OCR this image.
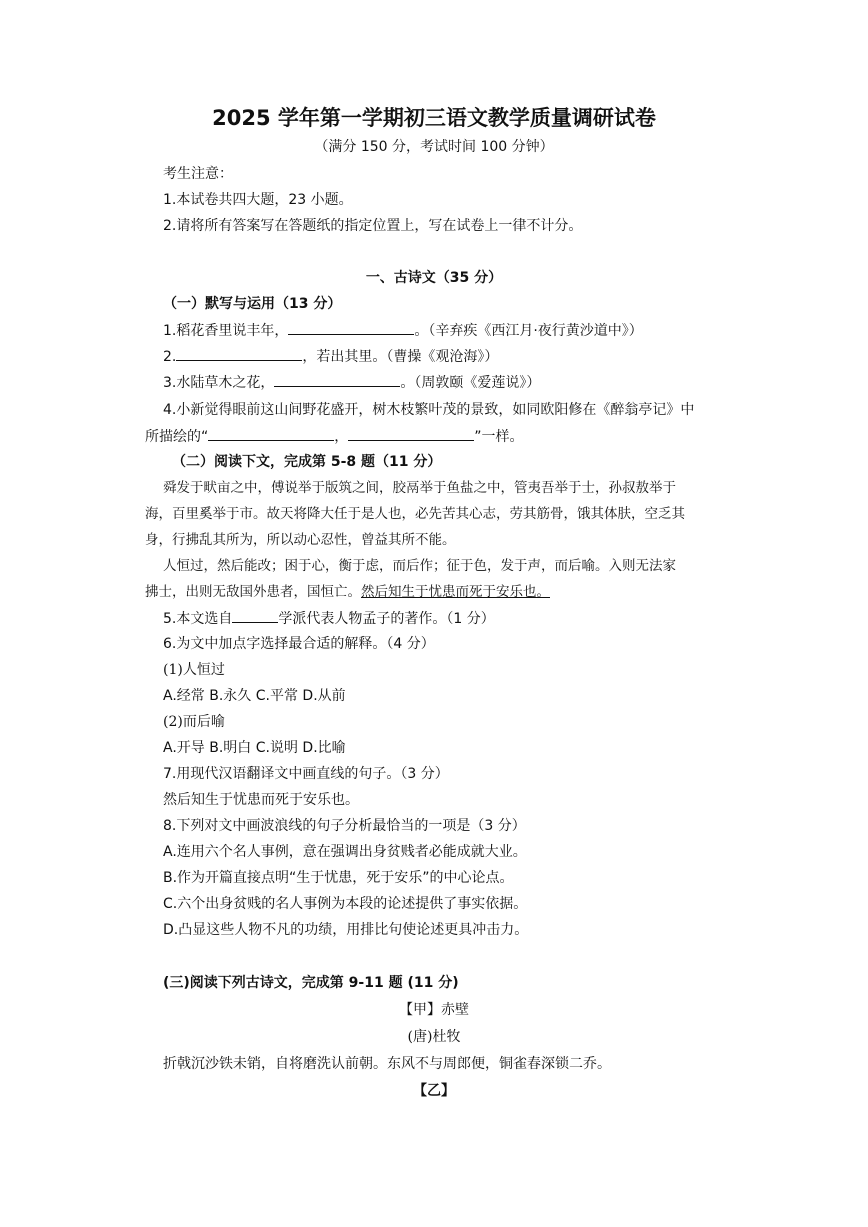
2025 学年第一学期初三语文教学质量调研试卷
（满分 150 分，考试时间 100 分钟）
考生注意：
1.本试卷共四大题，23 小题。
2.请将所有答案写在答题纸的指定位置上，写在试卷上一律不计分。
一、古诗文（35 分）
（一）默写与运用（13 分）
1.稻花香里说丰年，	。（辛弃疾《西江月·夜行黄沙道中》）
2.	，若出其里。（曹操《观沧海》）
3.水陆草木之花，	。（周敦颐《爱莲说》）
4.小新觉得眼前这山间野花盛开，树木枝繁叶茂的景致，如同欧阳修在《醉翁亭记》中
所描绘的“	，	”一样。
（二）阅读下文，完成第 5-8 题（11 分）
舜发于畎亩之中，傅说举于版筑之间，胶鬲举于鱼盐之中，管夷吾举于士，孙叔敖举于
海，百里奚举于市。故天将降大任于是人也，必先苦其心志，劳其筋骨，饿其体肤，空乏其
身，行拂乱其所为，所以动心忍性，曾益其所不能。
人恒过，然后能改；困于心，衡于虑，而后作；征于色，发于声，而后喻。入则无法家
拂士，出则无敌国外患者，国恒亡。然后知生于忧患而死于安乐也。
5.本文选自	学派代表人物孟子的著作。（1 分）
6.为文中加点字选择最合适的解释。（4 分）
(1)人恒过
A.经常 B.永久 C.平常 D.从前
(2)而后喻
A.开导 B.明白 C.说明 D.比喻
7.用现代汉语翻译文中画直线的句子。（3 分）
然后知生于忧患而死于安乐也。
8.下列对文中画波浪线的句子分析最恰当的一项是（3 分）
A.连用六个名人事例，意在强调出身贫贱者必能成就大业。
B.作为开篇直接点明“生于忧患，死于安乐”的中心论点。
C.六个出身贫贱的名人事例为本段的论述提供了事实依据。
D.凸显这些人物不凡的功绩，用排比句使论述更具冲击力。
(三)阅读下列古诗文，完成第 9-11 题 (11 分)
【甲】赤壁
(唐)杜牧
折戟沉沙铁未销，自将磨洗认前朝。东风不与周郎便，铜雀春深锁二乔。
【乙】
